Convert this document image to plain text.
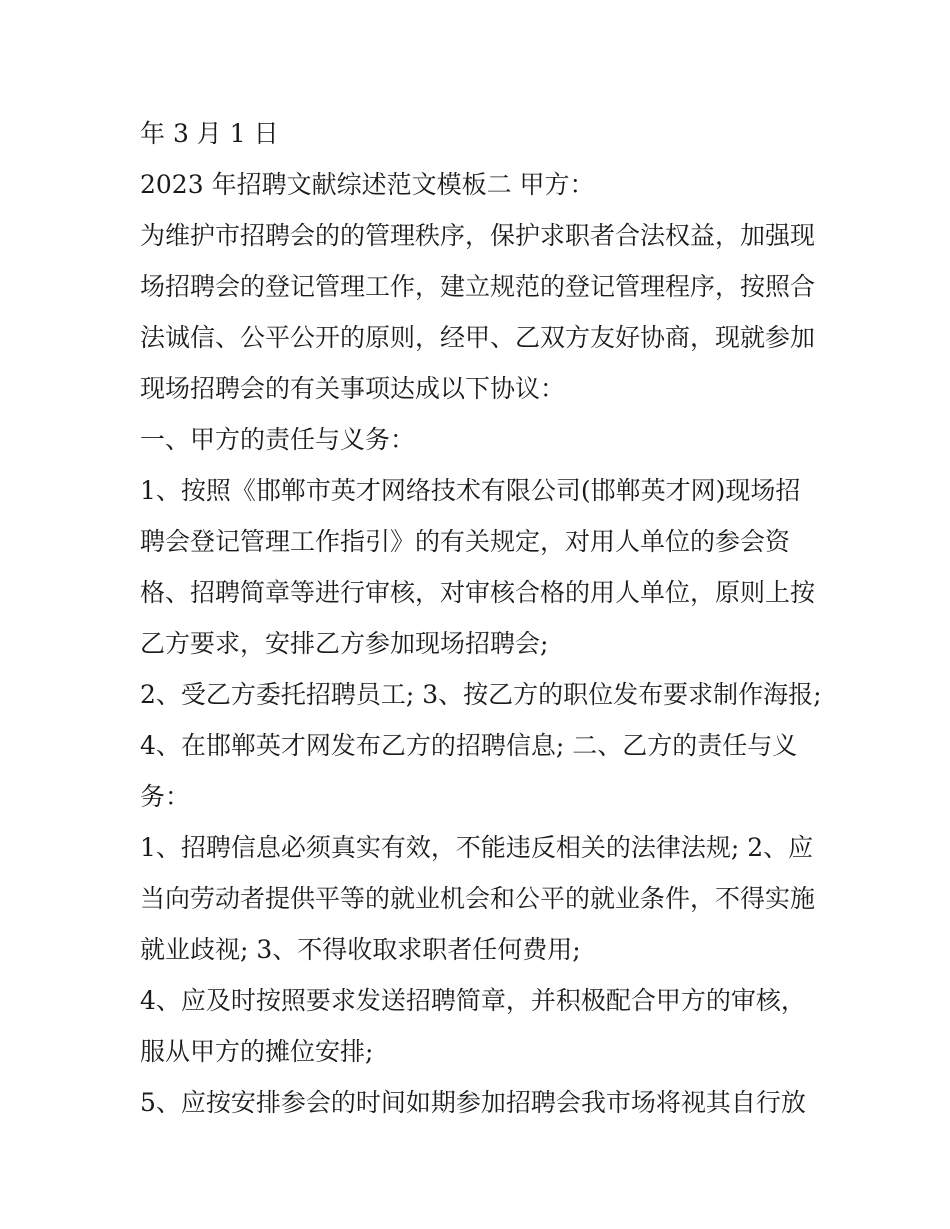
年 3 月 1 日
2023 年招聘文献综述范文模板二 甲方：
为维护市招聘会的的管理秩序，保护求职者合法权益，加强现
场招聘会的登记管理工作，建立规范的登记管理程序，按照合
法诚信、公平公开的原则，经甲、乙双方友好协商，现就参加
现场招聘会的有关事项达成以下协议：
一、甲方的责任与义务：
1、按照《邯郸市英才网络技术有限公司(邯郸英才网)现场招
聘会登记管理工作指引》的有关规定，对用人单位的参会资
格、招聘简章等进行审核，对审核合格的用人单位，原则上按
乙方要求，安排乙方参加现场招聘会;
2、受乙方委托招聘员工; 3、按乙方的职位发布要求制作海报;
4、在邯郸英才网发布乙方的招聘信息; 二、乙方的责任与义
务：
1、招聘信息必须真实有效，不能违反相关的法律法规; 2、应
当向劳动者提供平等的就业机会和公平的就业条件，不得实施
就业歧视; 3、不得收取求职者任何费用;
4、应及时按照要求发送招聘简章，并积极配合甲方的审核，
服从甲方的摊位安排;
5、应按安排参会的时间如期参加招聘会我市场将视其自行放
